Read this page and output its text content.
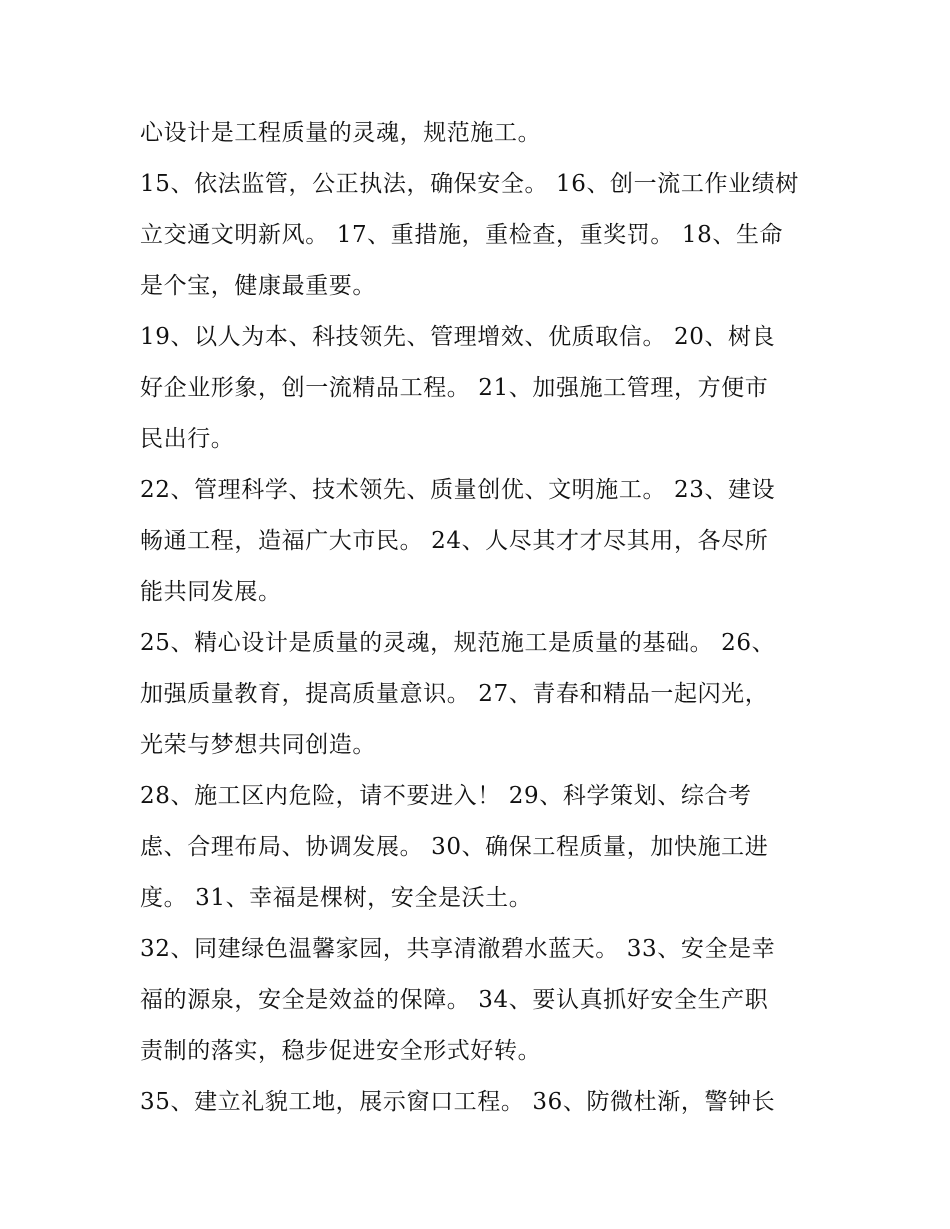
心设计是工程质量的灵魂，规范施工。
15、依法监管，公正执法，确保安全。 16、创一流工作业绩树
立交通文明新风。 17、重措施，重检查，重奖罚。 18、生命
是个宝，健康最重要。
19、以人为本、科技领先、管理增效、优质取信。 20、树良
好企业形象，创一流精品工程。 21、加强施工管理，方便市
民出行。
22、管理科学、技术领先、质量创优、文明施工。 23、建设
畅通工程，造福广大市民。 24、人尽其才才尽其用，各尽所
能共同发展。
25、精心设计是质量的灵魂，规范施工是质量的基础。 26、
加强质量教育，提高质量意识。 27、青春和精品一起闪光，
光荣与梦想共同创造。
28、施工区内危险，请不要进入！ 29、科学策划、综合考
虑、合理布局、协调发展。 30、确保工程质量，加快施工进
度。 31、幸福是棵树，安全是沃土。
32、同建绿色温馨家园，共享清澈碧水蓝天。 33、安全是幸
福的源泉，安全是效益的保障。 34、要认真抓好安全生产职
责制的落实，稳步促进安全形式好转。
35、建立礼貌工地，展示窗口工程。 36、防微杜渐，警钟长
